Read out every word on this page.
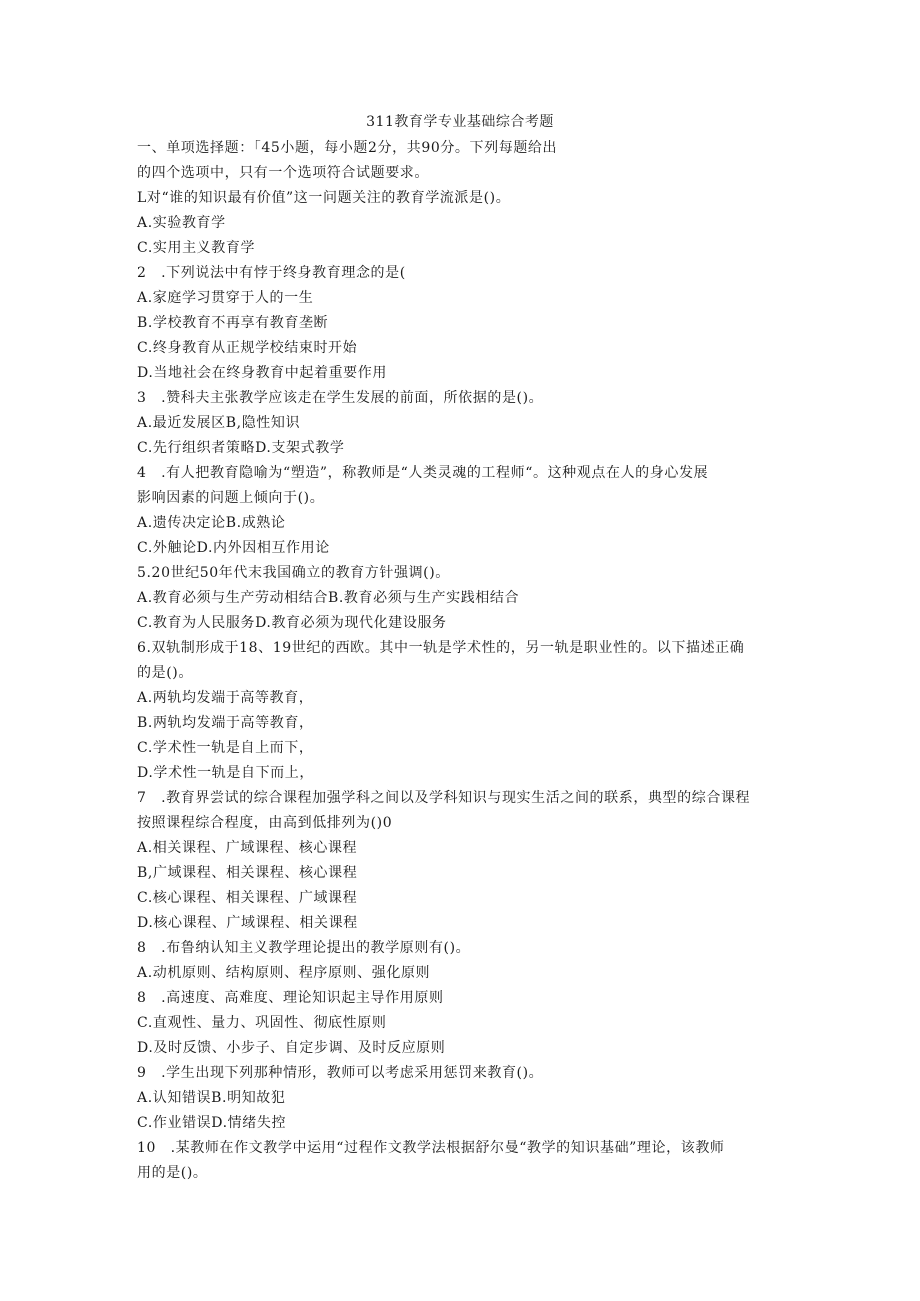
311教育学专业基础综合考题
一、单项选择题：「45小题，每小题2分，共90分。下列每题给出
的四个选项中，只有一个选项符合试题要求。
L对“谁的知识最有价值”这一问题关注的教育学流派是()。
A.实验教育学
C.实用主义教育学
2　.下列说法中有悖于终身教育理念的是(
A.家庭学习贯穿于人的一生
B.学校教育不再享有教育垄断
C.终身教育从正规学校结束时开始
D.当地社会在终身教育中起着重要作用
3　.赞科夫主张教学应该走在学生发展的前面，所依据的是()。
A.最近发展区B,隐性知识
C.先行组织者策略D.支架式教学
4　.有人把教育隐喻为“塑造”，称教师是“人类灵魂的工程师“。这种观点在人的身心发展
影响因素的问题上倾向于()。
A.遗传决定论B.成熟论
C.外触论D.内外因相互作用论
5.20世纪50年代末我国确立的教育方针强调()。
A.教育必须与生产劳动相结合B.教育必须与生产实践相结合
C.教育为人民服务D.教育必须为现代化建设服务
6.双轨制形成于18、19世纪的西欧。其中一轨是学术性的，另一轨是职业性的。以下描述正确
的是()。
A.两轨均发端于高等教育，
B.两轨均发端于高等教育，
C.学术性一轨是自上而下，
D.学术性一轨是自下而上，
7　.教育界尝试的综合课程加强学科之间以及学科知识与现实生活之间的联系，典型的综合课程
按照课程综合程度，由高到低排列为()0
A.相关课程、广域课程、核心课程
B,广域课程、相关课程、核心课程
C.核心课程、相关课程、广域课程
D.核心课程、广域课程、相关课程
8　.布鲁纳认知主义教学理论提出的教学原则有()。
A.动机原则、结构原则、程序原则、强化原则
8　.高速度、高难度、理论知识起主导作用原则
C.直观性、量力、巩固性、彻底性原则
D.及时反馈、小步子、自定步调、及时反应原则
9　.学生出现下列那种情形，教师可以考虑采用惩罚来教育()。
A.认知错误B.明知故犯
C.作业错误D.情绪失控
10　.某教师在作文教学中运用“过程作文教学法根据舒尔曼“教学的知识基础”理论，该教师
用的是()。
